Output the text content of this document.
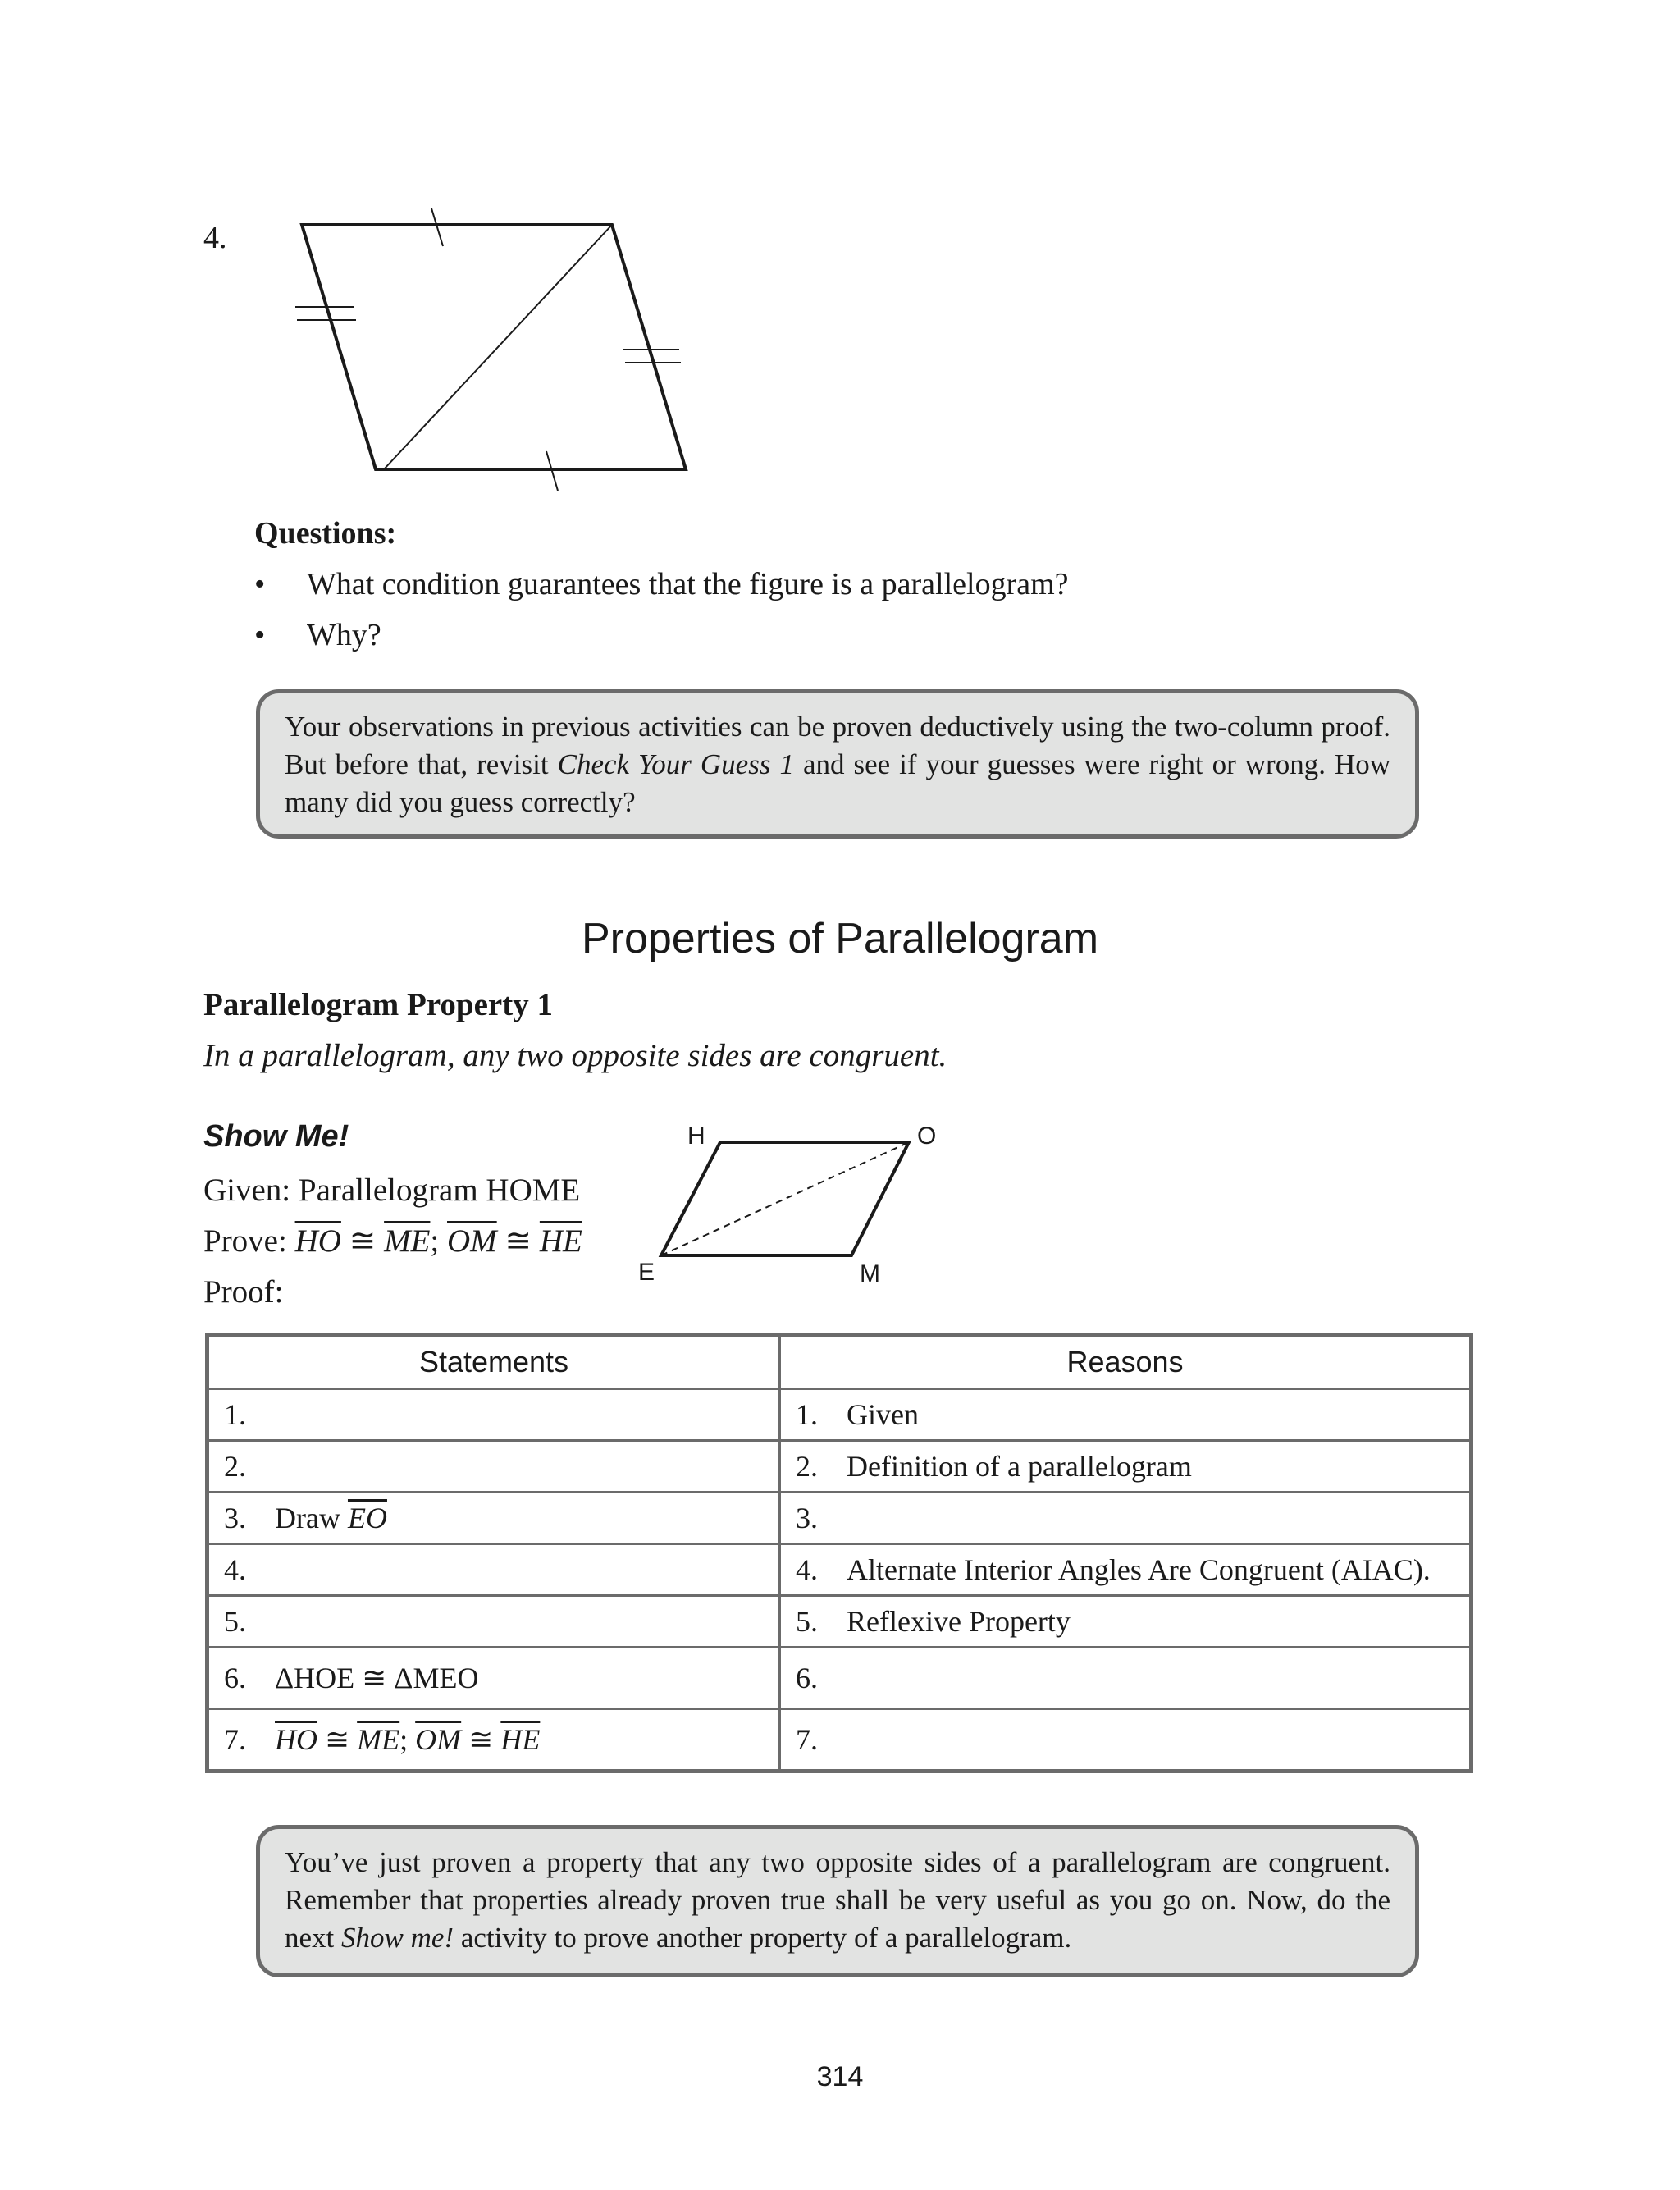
4.
Questions:
•	What condition guarantees that the figure is a parallelogram?
•	Why?
Your observations in previous activities can be proven deductively using the two-column proof. But before that, revisit Check Your Guess 1 and see if your guesses were right or wrong. How many did you guess correctly?
Properties of Parallelogram
Parallelogram Property 1
In a parallelogram, any two opposite sides are congruent.
Show Me!
Given: Parallelogram HOME
Prove: $\overline{HO}$ ≅ $\overline{ME}$; $\overline{OM}$ ≅ $\overline{HE}$
Proof:
H	O
E	M
Statements	Reasons
1.	1. Given
2.	2. Definition of a parallelogram
3. Draw $\overline{EO}$	3.
4.	4. Alternate Interior Angles Are Congruent (AIAC).
5.	5. Reflexive Property
6. ΔHOE ≅ ΔMEO	6.
7. $\overline{HO}$ ≅ $\overline{ME}$; $\overline{OM}$ ≅ $\overline{HE}$	7.
You’ve just proven a property that any two opposite sides of a parallelogram are congruent. Remember that properties already proven true shall be very useful as you go on. Now, do the next Show me! activity to prove another property of a parallelogram.
314
